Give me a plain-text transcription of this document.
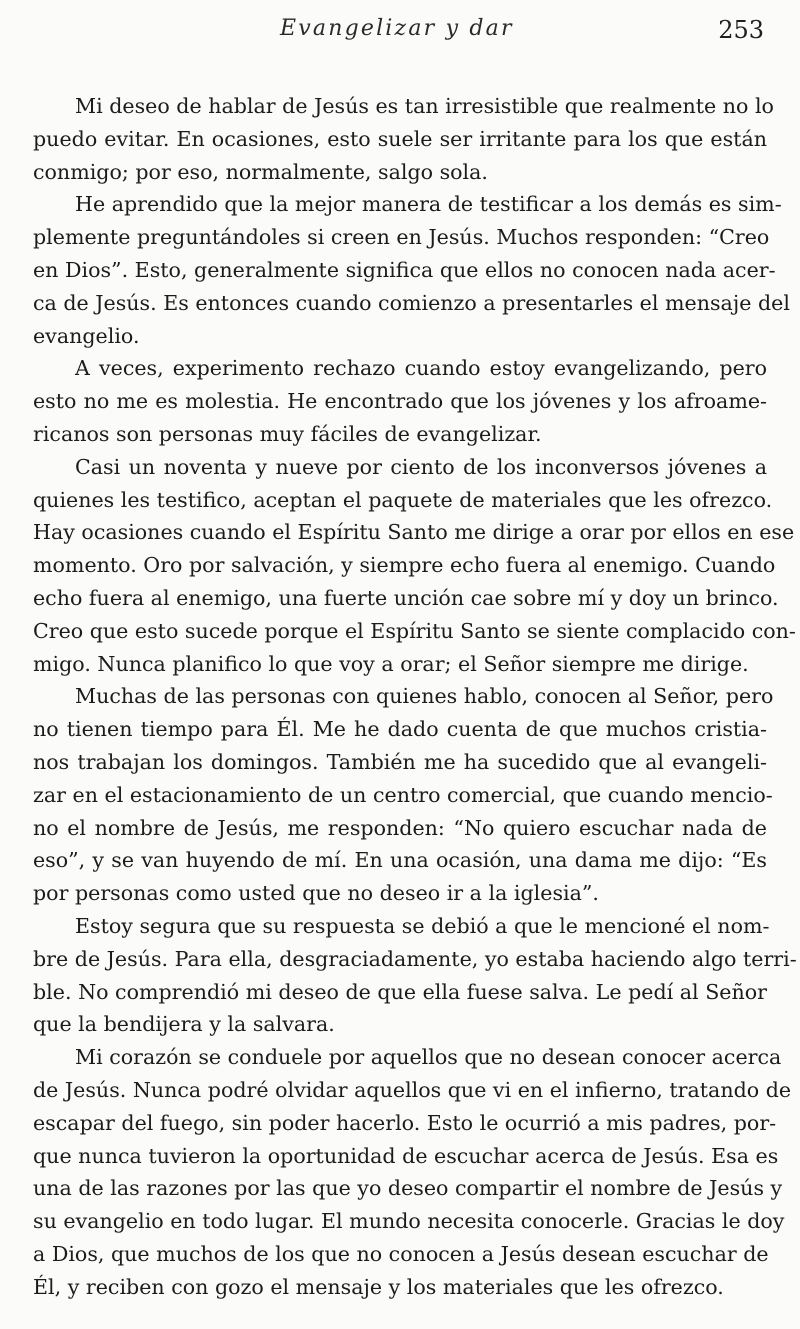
Evangelizar y dar	253
Mi deseo de hablar de Jesús es tan irresistible que realmente no lo
puedo evitar. En ocasiones, esto suele ser irritante para los que están
conmigo; por eso, normalmente, salgo sola.
He aprendido que la mejor manera de testificar a los demás es sim-
plemente preguntándoles si creen en Jesús. Muchos responden: “Creo
en Dios”. Esto, generalmente significa que ellos no conocen nada acer-
ca de Jesús. Es entonces cuando comienzo a presentarles el mensaje del
evangelio.
A veces, experimento rechazo cuando estoy evangelizando, pero
esto no me es molestia. He encontrado que los jóvenes y los afroame-
ricanos son personas muy fáciles de evangelizar.
Casi un noventa y nueve por ciento de los inconversos jóvenes a
quienes les testifico, aceptan el paquete de materiales que les ofrezco.
Hay ocasiones cuando el Espíritu Santo me dirige a orar por ellos en ese
momento. Oro por salvación, y siempre echo fuera al enemigo. Cuando
echo fuera al enemigo, una fuerte unción cae sobre mí y doy un brinco.
Creo que esto sucede porque el Espíritu Santo se siente complacido con-
migo. Nunca planifico lo que voy a orar; el Señor siempre me dirige.
Muchas de las personas con quienes hablo, conocen al Señor, pero
no tienen tiempo para Él. Me he dado cuenta de que muchos cristia-
nos trabajan los domingos. También me ha sucedido que al evangeli-
zar en el estacionamiento de un centro comercial, que cuando mencio-
no el nombre de Jesús, me responden: “No quiero escuchar nada de
eso”, y se van huyendo de mí. En una ocasión, una dama me dijo: “Es
por personas como usted que no deseo ir a la iglesia”.
Estoy segura que su respuesta se debió a que le mencioné el nom-
bre de Jesús. Para ella, desgraciadamente, yo estaba haciendo algo terri-
ble. No comprendió mi deseo de que ella fuese salva. Le pedí al Señor
que la bendijera y la salvara.
Mi corazón se conduele por aquellos que no desean conocer acerca
de Jesús. Nunca podré olvidar aquellos que vi en el infierno, tratando de
escapar del fuego, sin poder hacerlo. Esto le ocurrió a mis padres, por-
que nunca tuvieron la oportunidad de escuchar acerca de Jesús. Esa es
una de las razones por las que yo deseo compartir el nombre de Jesús y
su evangelio en todo lugar. El mundo necesita conocerle. Gracias le doy
a Dios, que muchos de los que no conocen a Jesús desean escuchar de
Él, y reciben con gozo el mensaje y los materiales que les ofrezco.
